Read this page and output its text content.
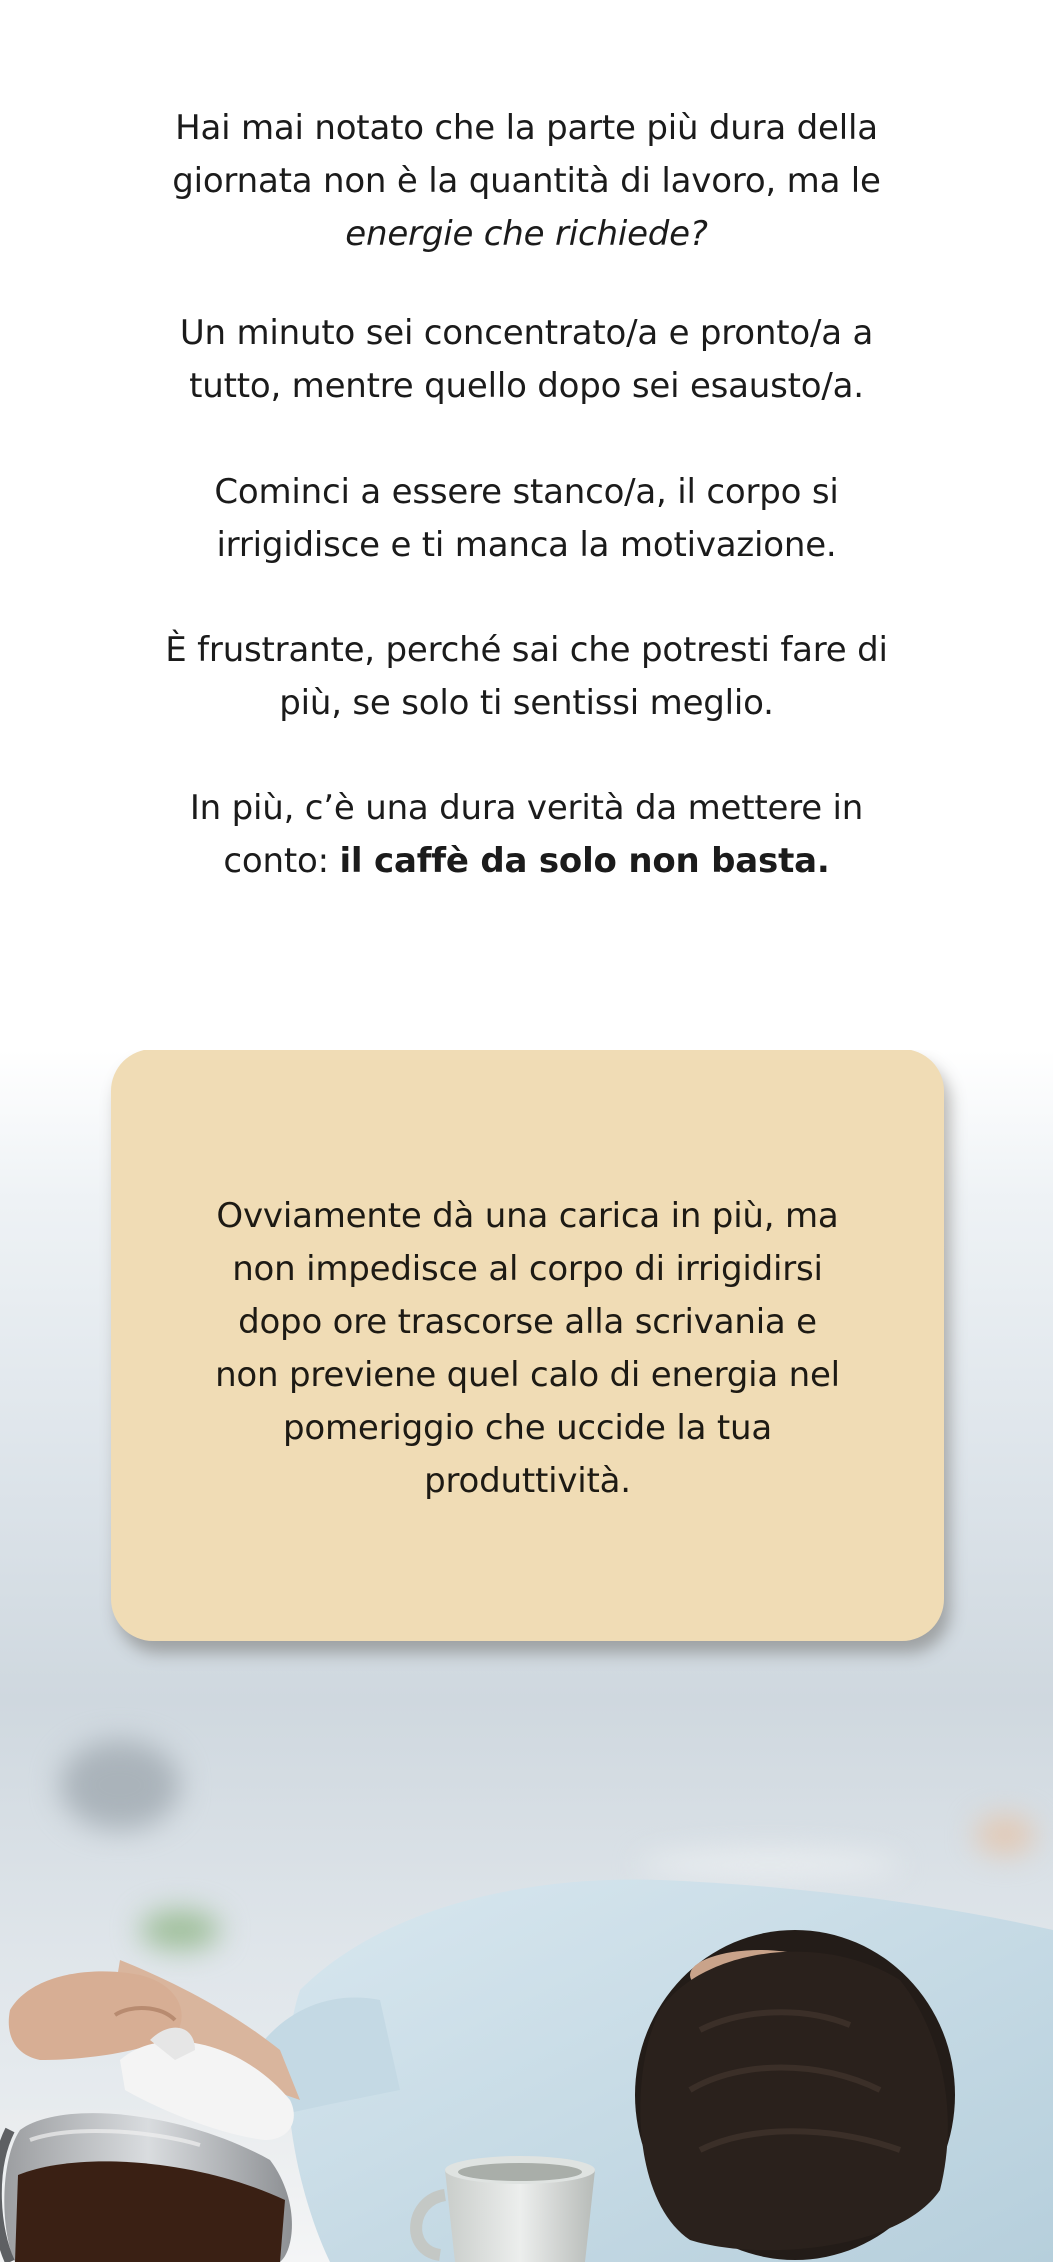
Hai mai notato che la parte più dura della giornata non è la quantità di lavoro, ma le energie che richiede?

Un minuto sei concentrato/a e pronto/a a tutto, mentre quello dopo sei esausto/a.

Cominci a essere stanco/a, il corpo si irrigidisce e ti manca la motivazione.

È frustrante, perché sai che potresti fare di più, se solo ti sentissi meglio.

In più, c’è una dura verità da mettere in conto: il caffè da solo non basta.

Ovviamente dà una carica in più, ma non impedisce al corpo di irrigidirsi dopo ore trascorse alla scrivania e non previene quel calo di energia nel pomeriggio che uccide la tua produttività.
